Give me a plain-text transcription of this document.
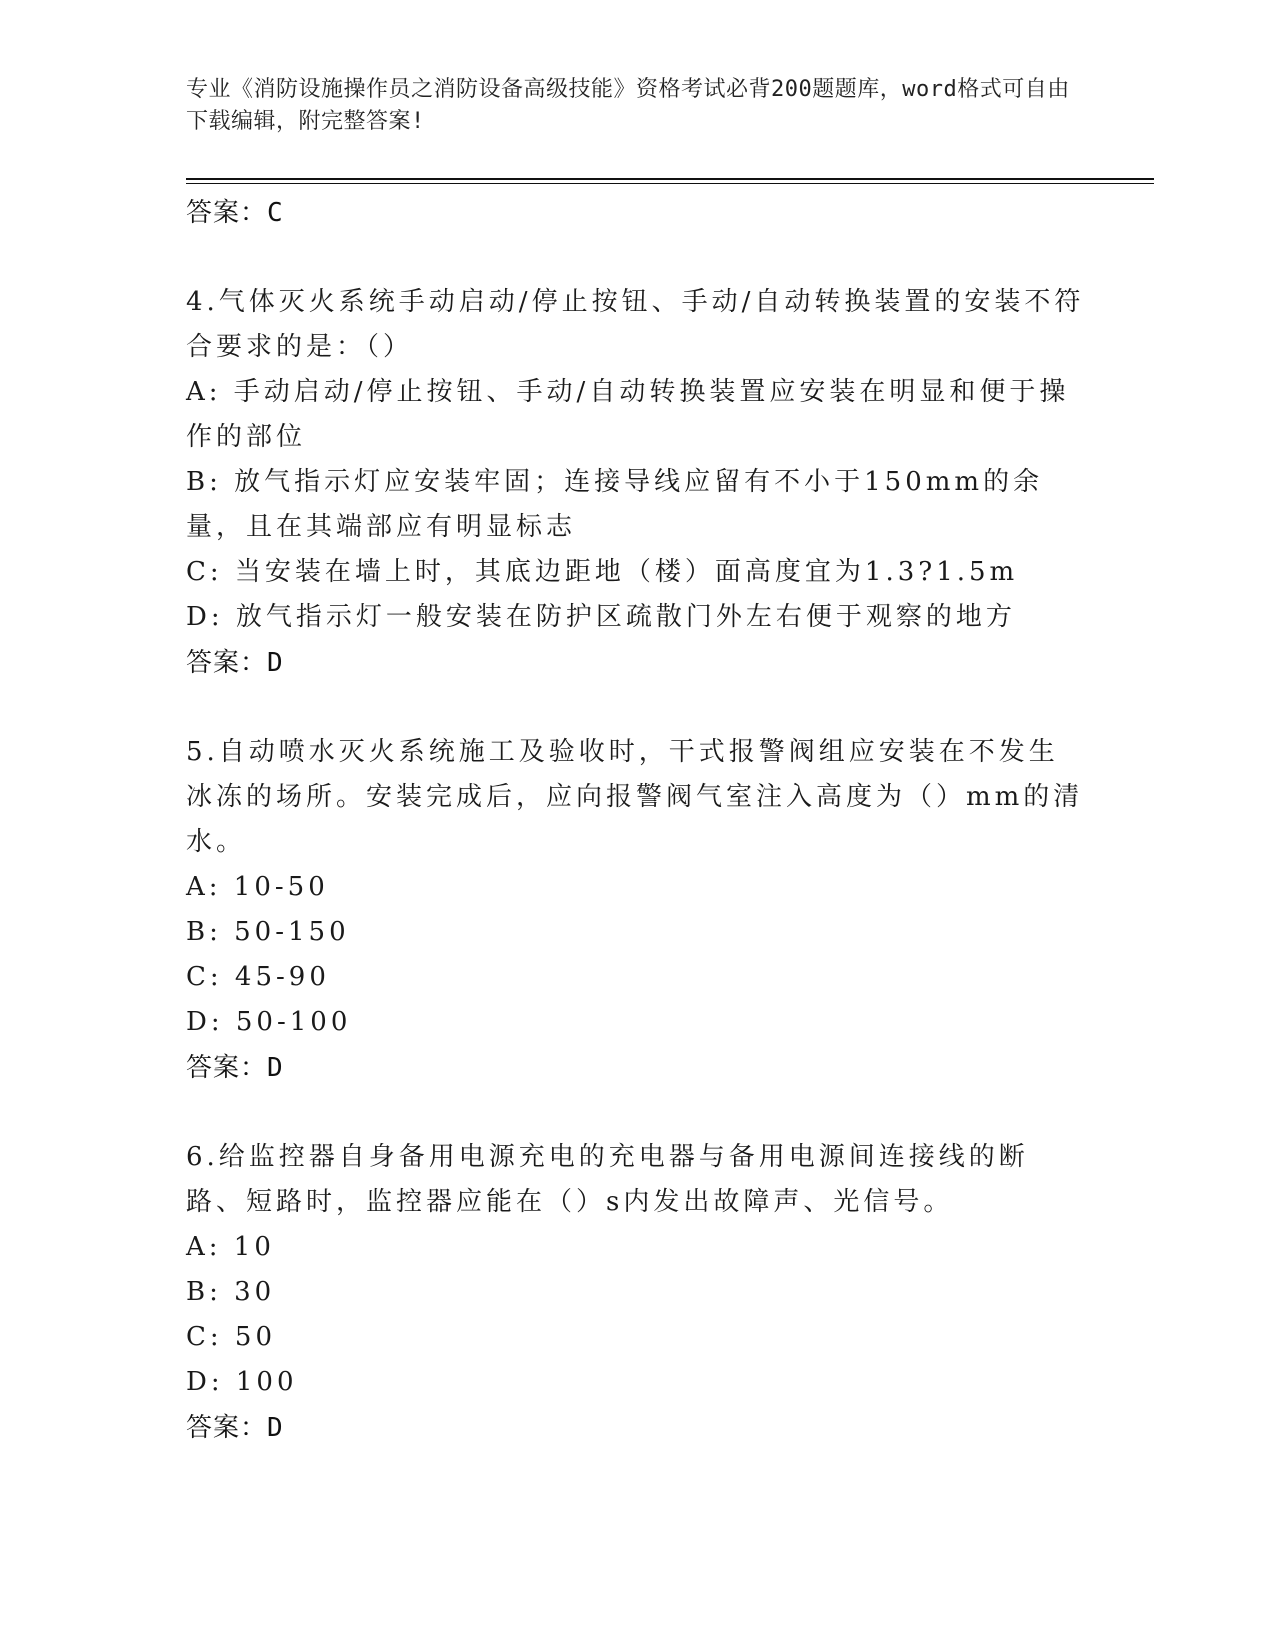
专业《消防设施操作员之消防设备高级技能》资格考试必背200题题库，word格式可自由下载编辑，附完整答案!
答案：C
4.气体灭火系统手动启动/停止按钮、手动/自动转换装置的安装不符合要求的是：（）
A: 手动启动/停止按钮、手动/自动转换装置应安装在明显和便于操作的部位
B: 放气指示灯应安装牢固；连接导线应留有不小于150mm的余量，且在其端部应有明显标志
C: 当安装在墙上时，其底边距地（楼）面高度宜为1.3?1.5m
D: 放气指示灯一般安装在防护区疏散门外左右便于观察的地方
答案：D
5.自动喷水灭火系统施工及验收时，干式报警阀组应安装在不发生冰冻的场所。安装完成后，应向报警阀气室注入高度为（）mm的清水。
A: 10-50
B: 50-150
C: 45-90
D: 50-100
答案：D
6.给监控器自身备用电源充电的充电器与备用电源间连接线的断路、短路时，监控器应能在（）s内发出故障声、光信号。
A: 10
B: 30
C: 50
D: 100
答案：D
